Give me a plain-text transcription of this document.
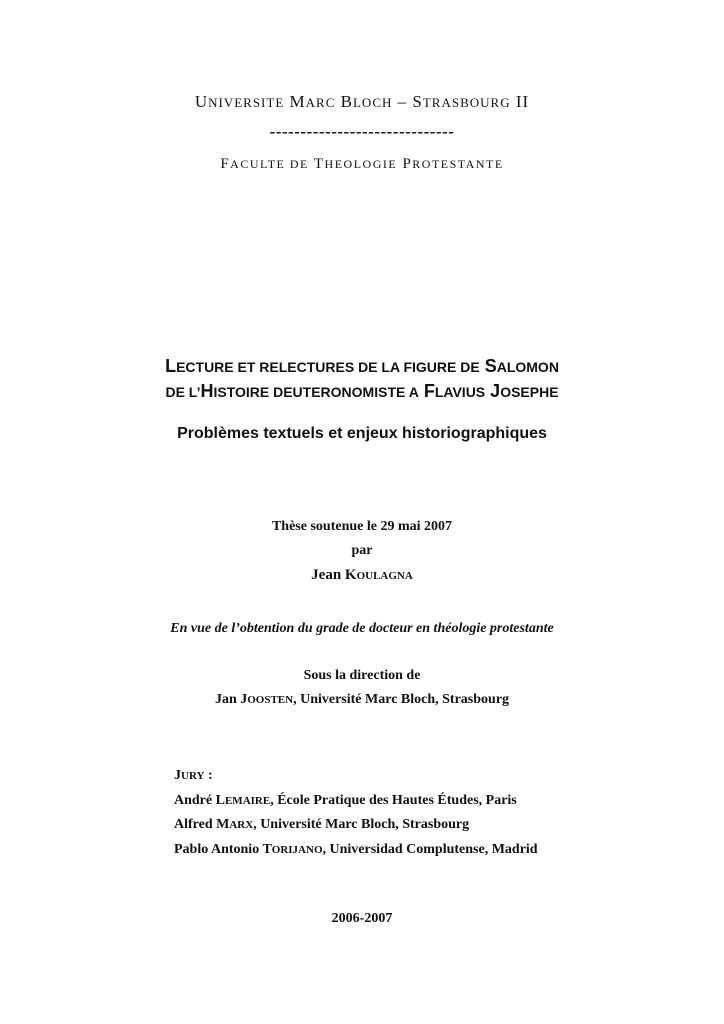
UNIVERSITE MARC BLOCH – STRASBOURG II
------------------------------
FACULTE DE THEOLOGIE PROTESTANTE
LECTURE ET RELECTURES DE LA FIGURE DE SALOMON
DE L’HISTOIRE DEUTERONOMISTE A FLAVIUS JOSEPHE
Problèmes textuels et enjeux historiographiques
Thèse soutenue le 29 mai 2007
par
Jean KOULAGNA
En vue de l’obtention du grade de docteur en théologie protestante
Sous la direction de
Jan JOOSTEN, Université Marc Bloch, Strasbourg
JURY :
André LEMAIRE, École Pratique des Hautes Études, Paris
Alfred MARX, Université Marc Bloch, Strasbourg
Pablo Antonio TORIJANO, Universidad Complutense, Madrid
2006-2007
